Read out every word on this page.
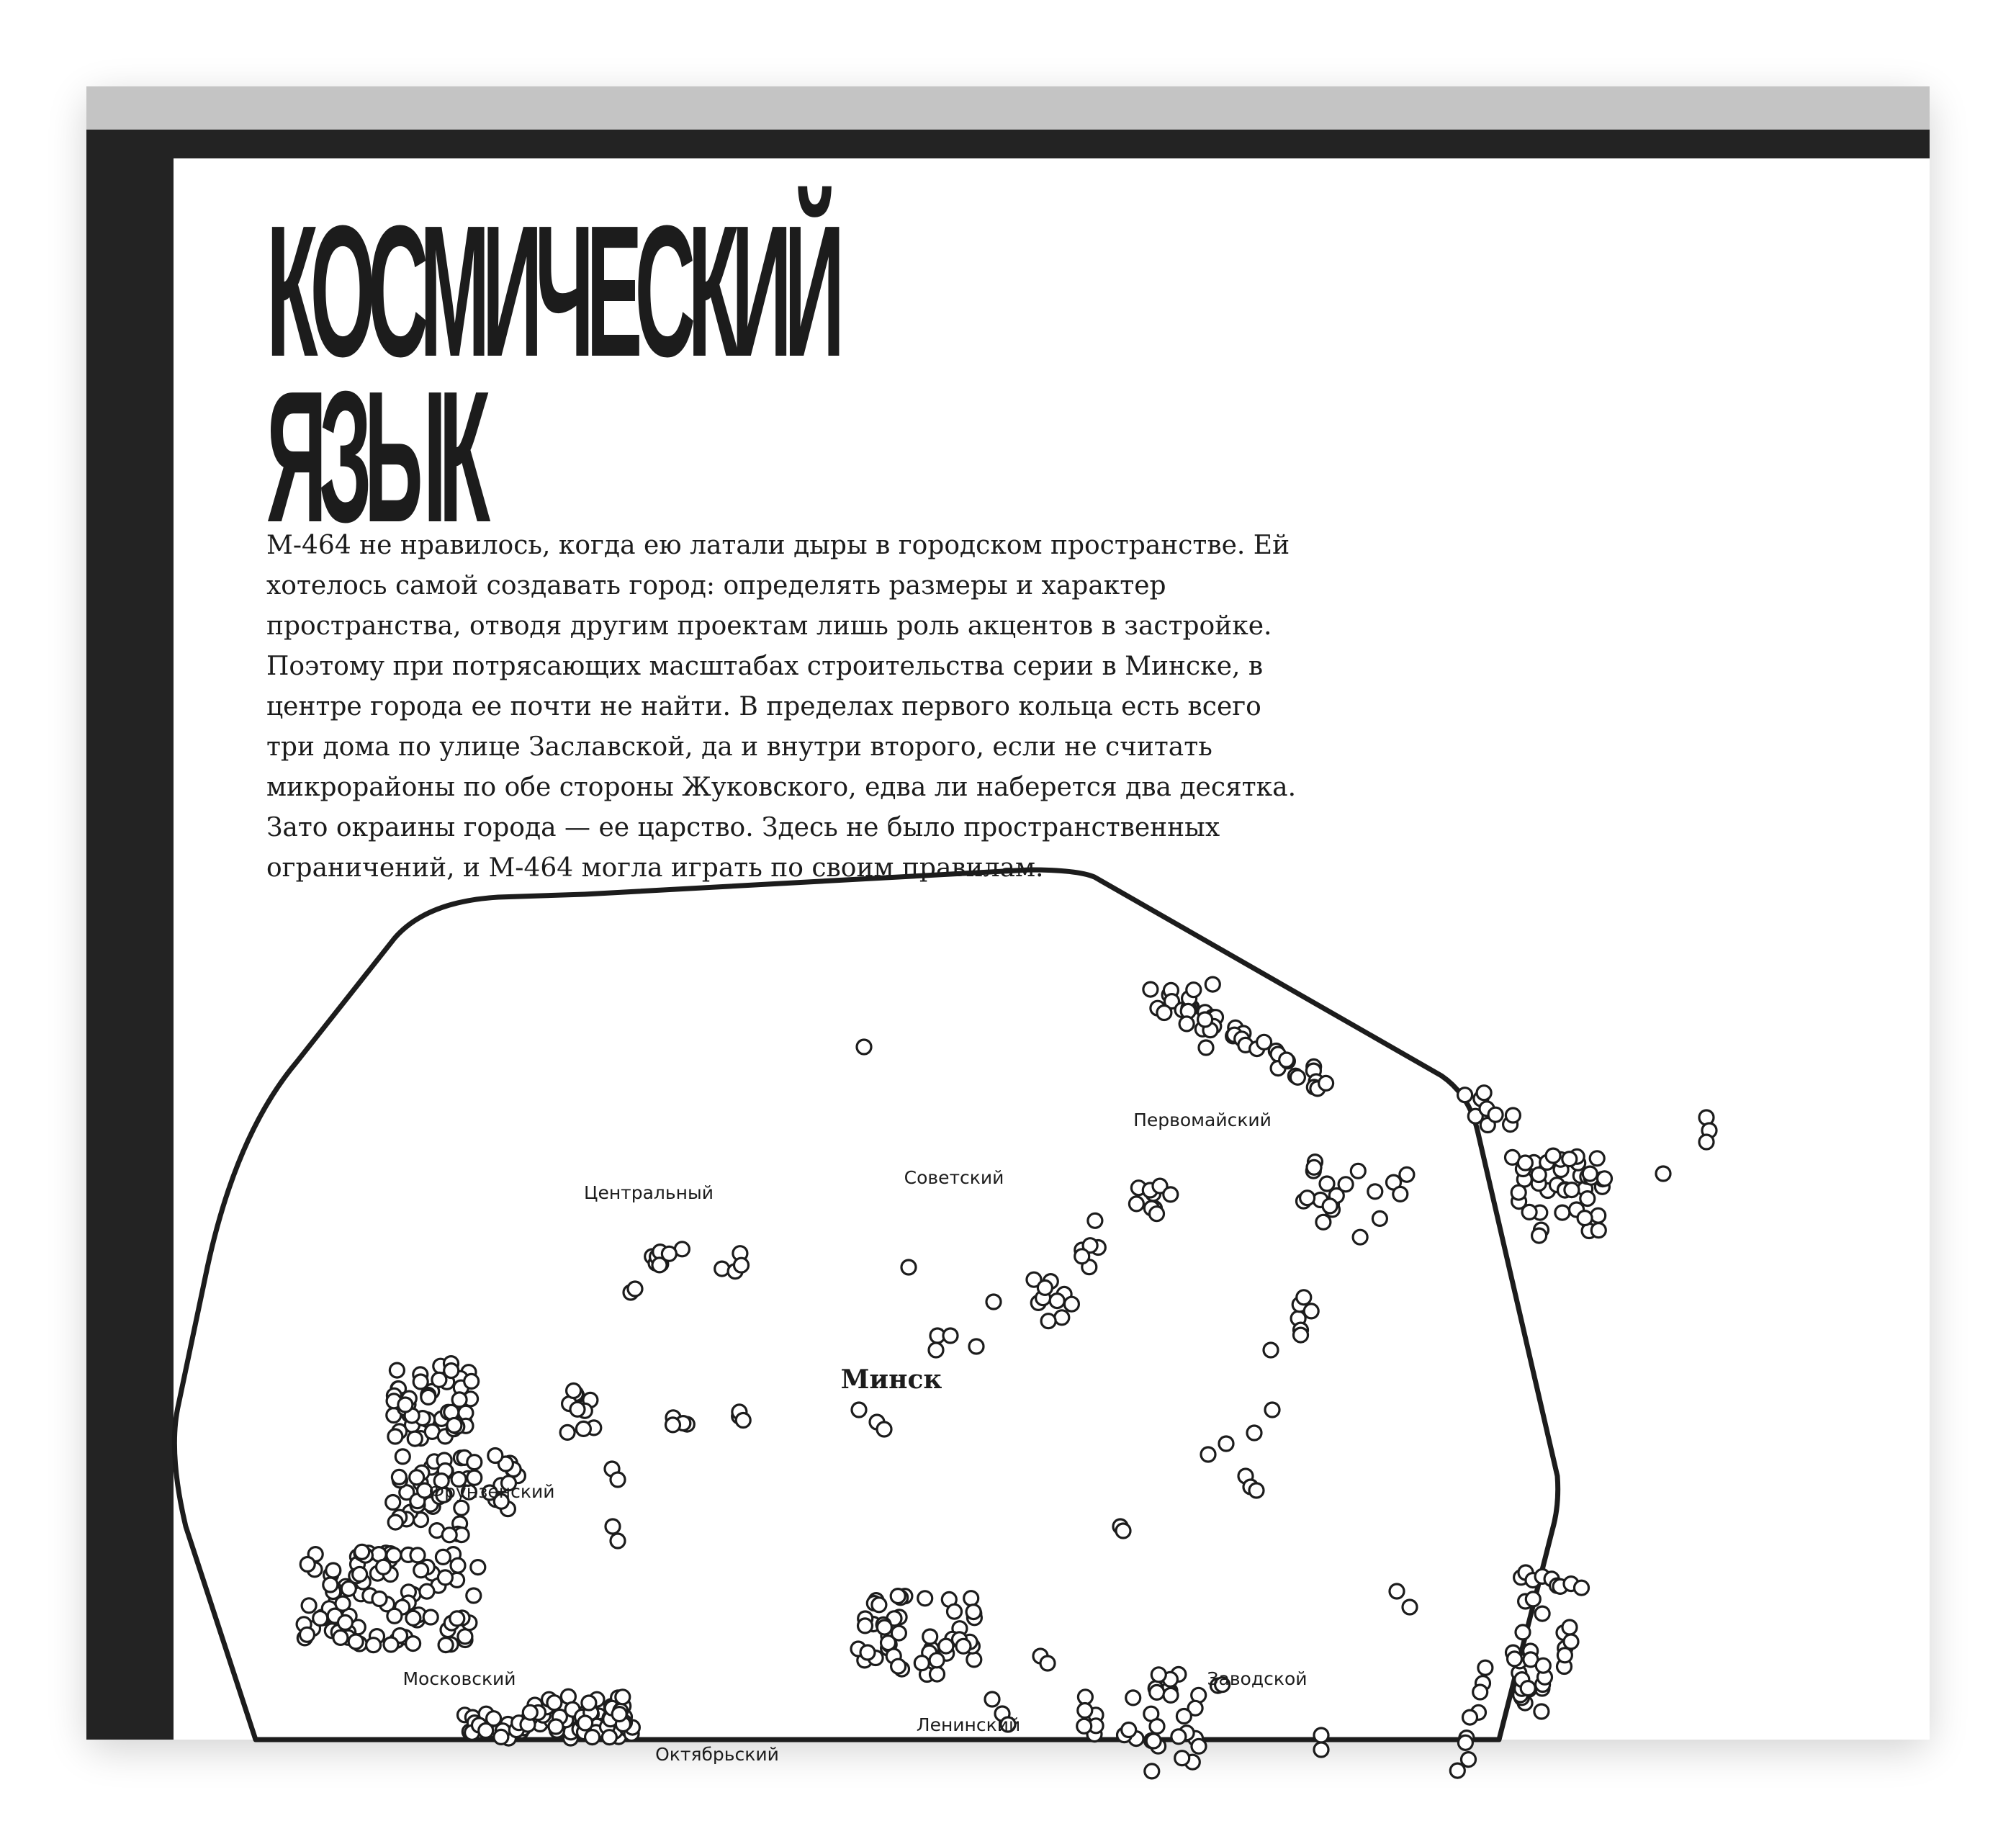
Минск
Центральный
Советский
Первомайский
Фрунзенский
Московский
Октябрьский
Ленинский
Заводской
КОСМИЧЕСКИЙ
ЯЗЫК

М-464 не нравилось, когда ею латали дыры в городском пространстве. Ей хотелось самой создавать город: определять размеры и характер пространства, отводя другим проектам лишь роль акцентов в застройке. Поэтому при потрясающих масштабах строительства серии в Минске, в центре города ее почти не найти. В пределах первого кольца есть всего три дома по улице Заславской, да и внутри второго, если не считать микрорайоны по обе стороны Жуковского, едва ли наберется два десятка. Зато окраины города — ее царство. Здесь не было пространственных ограничений, и М-464 могла играть по своим правилам.
